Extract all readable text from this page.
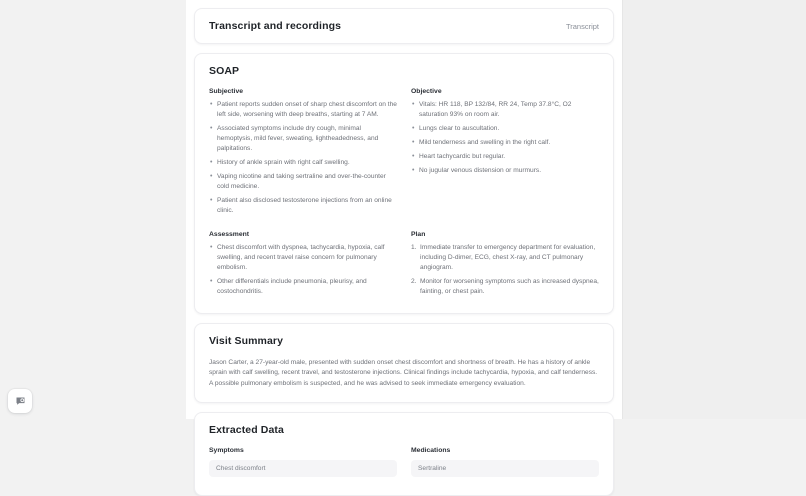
Transcript and recordings	Transcript
SOAP
Subjective
• Patient reports sudden onset of sharp chest discomfort on the left side, worsening with deep breaths, starting at 7 AM.
• Associated symptoms include dry cough, minimal hemoptysis, mild fever, sweating, lightheadedness, and palpitations.
• History of ankle sprain with right calf swelling.
• Vaping nicotine and taking sertraline and over-the-counter cold medicine.
• Patient also disclosed testosterone injections from an online clinic.
Objective
• Vitals: HR 118, BP 132/84, RR 24, Temp 37.8°C, O2 saturation 93% on room air.
• Lungs clear to auscultation.
• Mild tenderness and swelling in the right calf.
• Heart tachycardic but regular.
• No jugular venous distension or murmurs.
Assessment
• Chest discomfort with dyspnea, tachycardia, hypoxia, calf swelling, and recent travel raise concern for pulmonary embolism.
• Other differentials include pneumonia, pleurisy, and costochondritis.
Plan
Immediate transfer to emergency department for evaluation, including D-dimer, ECG, chest X-ray, and CT pulmonary angiogram.
Monitor for worsening symptoms such as increased dyspnea, fainting, or chest pain.
Visit Summary
Jason Carter, a 27-year-old male, presented with sudden onset chest discomfort and shortness of breath. He has a history of ankle sprain with calf swelling, recent travel, and testosterone injections. Clinical findings include tachycardia, hypoxia, and calf tenderness. A possible pulmonary embolism is suspected, and he was advised to seek immediate emergency evaluation.
Extracted Data
Symptoms
Chest discomfort
Medications
Sertraline
